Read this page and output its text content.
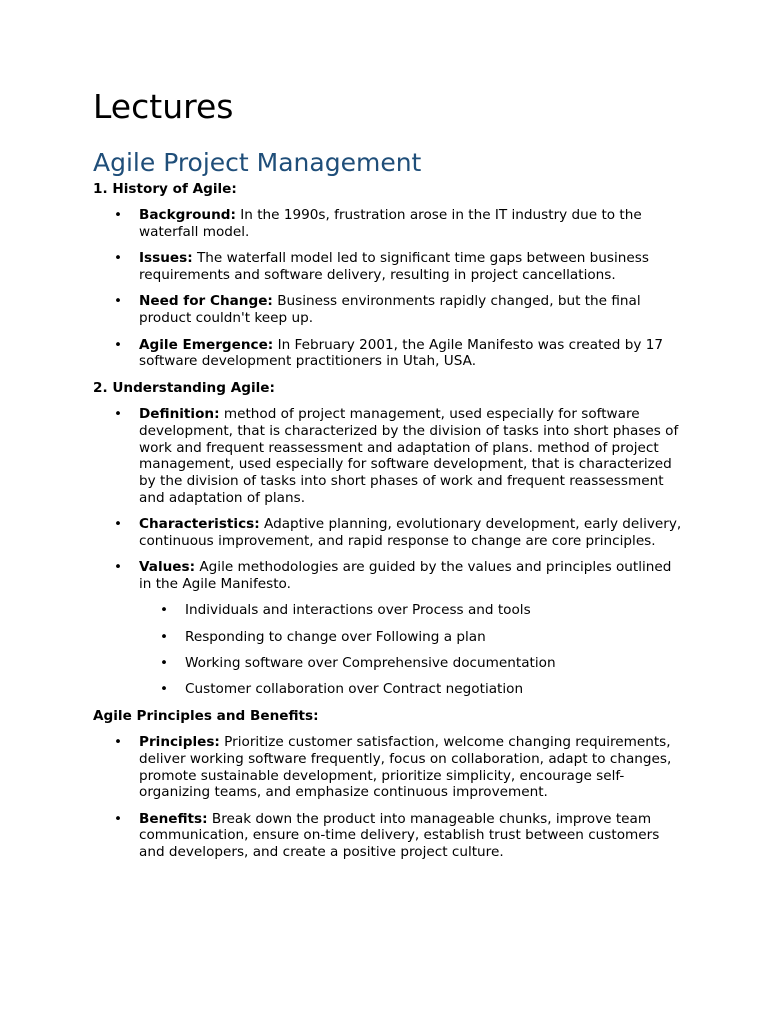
Lectures
Agile Project Management

1. History of Agile:

• Background: In the 1990s, frustration arose in the IT industry due to the waterfall model.
• Issues: The waterfall model led to significant time gaps between business requirements and software delivery, resulting in project cancellations.
• Need for Change: Business environments rapidly changed, but the final product couldn't keep up.
• Agile Emergence: In February 2001, the Agile Manifesto was created by 17 software development practitioners in Utah, USA.

2. Understanding Agile:

• Definition: method of project management, used especially for software development, that is characterized by the division of tasks into short phases of work and frequent reassessment and adaptation of plans. method of project management, used especially for software development, that is characterized by the division of tasks into short phases of work and frequent reassessment and adaptation of plans.
• Characteristics: Adaptive planning, evolutionary development, early delivery, continuous improvement, and rapid response to change are core principles.
• Values: Agile methodologies are guided by the values and principles outlined in the Agile Manifesto.
• Individuals and interactions over Process and tools
• Responding to change over Following a plan
• Working software over Comprehensive documentation
• Customer collaboration over Contract negotiation

Agile Principles and Benefits:

• Principles: Prioritize customer satisfaction, welcome changing requirements, deliver working software frequently, focus on collaboration, adapt to changes, promote sustainable development, prioritize simplicity, encourage self-organizing teams, and emphasize continuous improvement.
• Benefits: Break down the product into manageable chunks, improve team communication, ensure on-time delivery, establish trust between customers and developers, and create a positive project culture.
